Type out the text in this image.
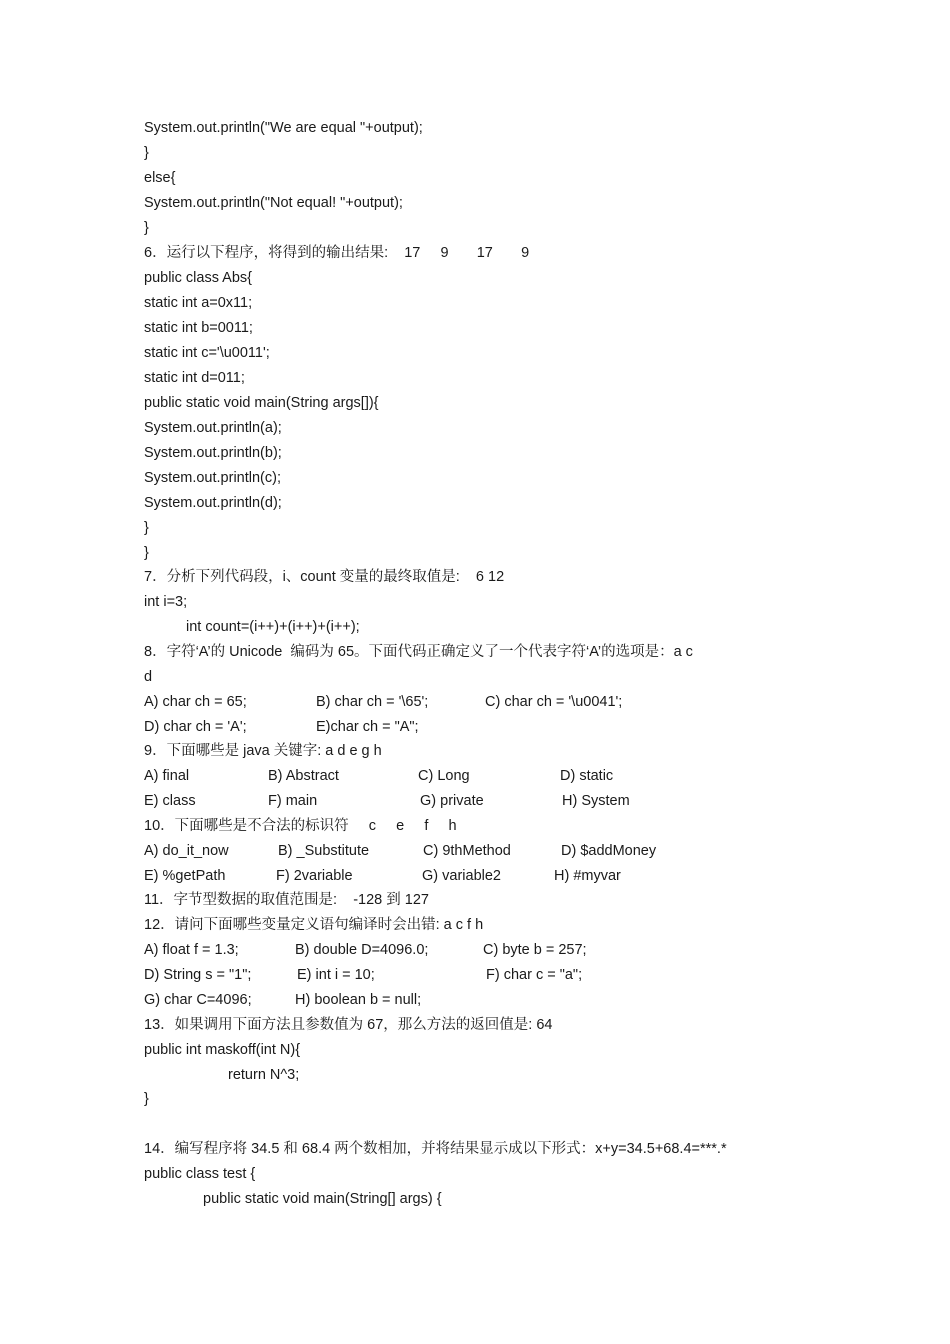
System.out.println("We are equal "+output);
}
else{
System.out.println("Not equal! "+output);
}
6．运行以下程序，将得到的输出结果:    17     9       17       9
public class Abs{
static int a=0x11;
static int b=0011;
static int c='\u0011';
static int d=011;
public static void main(String args[]){
System.out.println(a);
System.out.println(b);
System.out.println(c);
System.out.println(d);
}
}
7．分析下列代码段，i、count 变量的最终取值是:    6 12
int i=3;
int count=(i++)+(i++)+(i++);
8．字符‘A’的 Unicode  编码为 65。下面代码正确定义了一个代表字符‘A’的选项是：a c
d
A) char ch = 65;	B) char ch = '\65';	C) char ch = '\u0041';
D) char ch = 'A';	E)char ch = "A";
9．下面哪些是 java 关键字: a d e g h
A) final	B) Abstract	C) Long	D) static
E) class	F) main	G) private	H) System
10．下面哪些是不合法的标识符     c     e     f     h
A) do_it_now	B) _Substitute	C) 9thMethod	D) $addMoney
E) %getPath	F) 2variable	G) variable2	H) #myvar
11．字节型数据的取值范围是:    -128 到 127
12．请问下面哪些变量定义语句编译时会出错: a c f h
A) float f = 1.3;	B) double D=4096.0;	C) byte b = 257;
D) String s = "1";	E) int i = 10;	F) char c = "a";
G) char C=4096;	H) boolean b = null;
13．如果调用下面方法且参数值为 67，那么方法的返回值是: 64
public int maskoff(int N){
return N^3;
}
14．编写程序将 34.5 和 68.4 两个数相加，并将结果显示成以下形式：x+y=34.5+68.4=***.*
public class test {
public static void main(String[] args) {
